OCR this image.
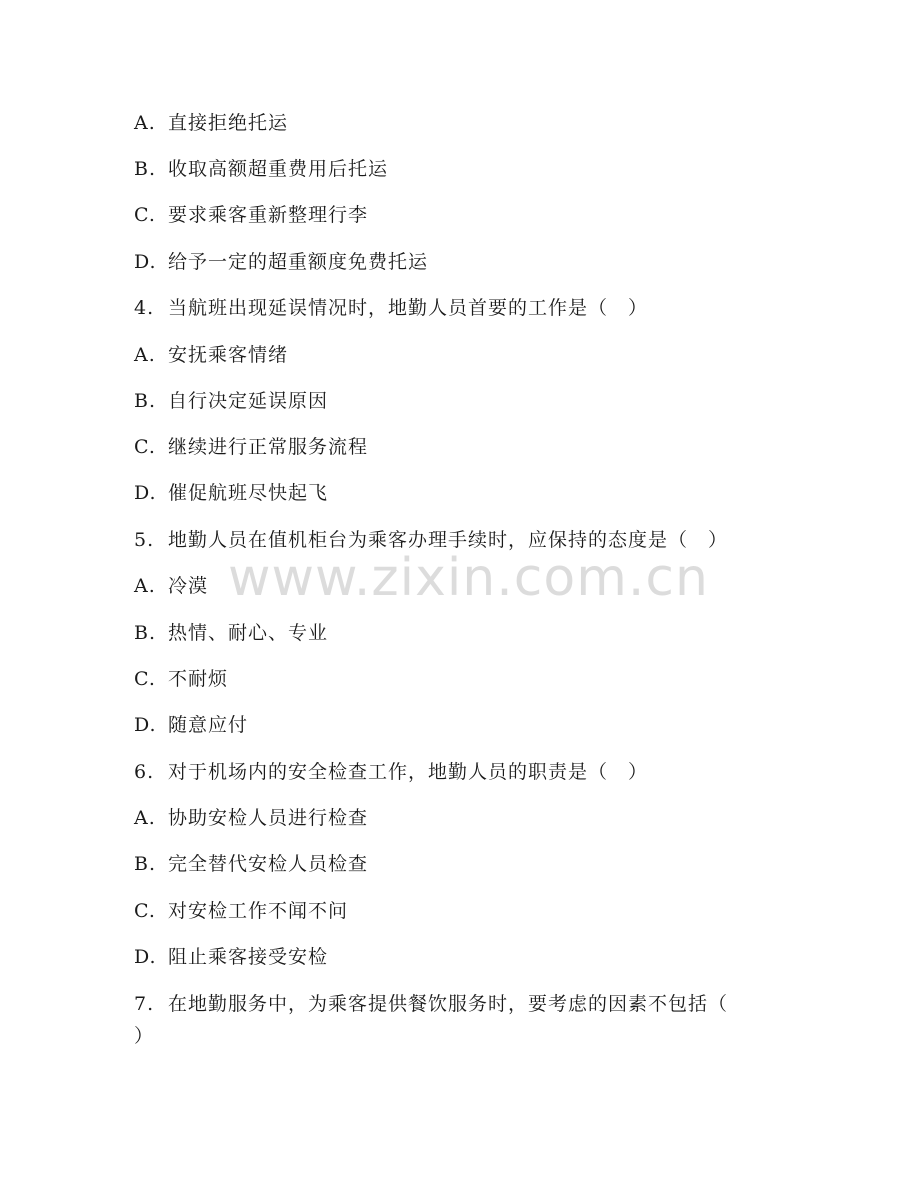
www.zixin.com.cn
A. 直接拒绝托运
B. 收取高额超重费用后托运
C. 要求乘客重新整理行李
D. 给予一定的超重额度免费托运
4. 当航班出现延误情况时，地勤人员首要的工作是（　）
A. 安抚乘客情绪
B. 自行决定延误原因
C. 继续进行正常服务流程
D. 催促航班尽快起飞
5. 地勤人员在值机柜台为乘客办理手续时，应保持的态度是（　）
A. 冷漠
B. 热情、耐心、专业
C. 不耐烦
D. 随意应付
6. 对于机场内的安全检查工作，地勤人员的职责是（　）
A. 协助安检人员进行检查
B. 完全替代安检人员检查
C. 对安检工作不闻不问
D. 阻止乘客接受安检
7. 在地勤服务中，为乘客提供餐饮服务时，要考虑的因素不包括（
）
